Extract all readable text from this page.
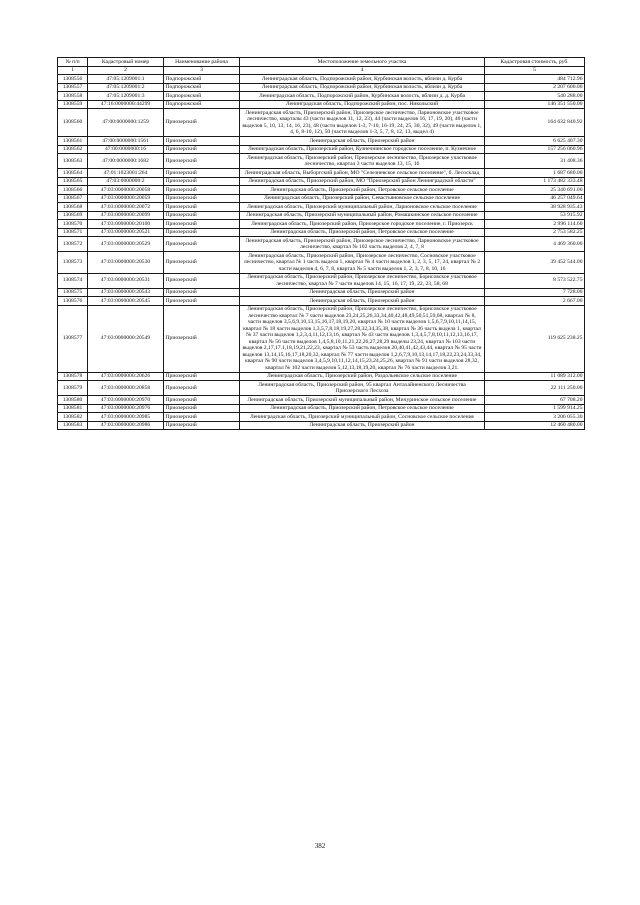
№ п/п	Кадастровый номер	Наименование района	Местоположение земельного участка	Кадастровая стоимость, руб.
1	2	3	4	5
1308556	47:05:1209001:1	Подпорожский	Ленинградская область, Подпорожский район, Курбинская волость, вблизи д. Курба	484 712.96
1308557	47:05:1209001:2	Подпорожский	Ленинградская область, Подпорожский район, Курбинская волость, вблизи д. Курба	2 207 600.00
1308558	47:05:1209001:3	Подпорожский	Ленинградская область, Подпорожский район, Курбинская волость, вблизи д. д. Курба	540 288.00
1308559	47:16:0000000:44299	Подпорожский	Ленинградская область, Подпорожский район, пос. Никольский	146 351 550.00
1308560	47:00:0000000:1259	Приозерский	Ленинградская область, Приозерский район, Приозерское лесничество, Ларионовское участковое лесничество, кварталы 43 (части выделов 11, 12, 23), 44 (части выделов 16, 17, 19, 20), 46 (части выделов 5, 10, 13, 14, 16, 23), 48 (части выделов 1-3, 7-10, 16-19, 24, 25, 30, 32), 49 (части выделов 1, 4, 6, 8-10, 12), 50 (части выделов 1-3, 5, 7, 8, 12, 13, выдел 4)	164 632 840.92
1308561	47:00:0000000:1561	Приозерский	Ленинградская область, Приозерский район	6 625 407.30
1308562	47:00:0000000:16	Приозерский	Ленинградская область, Приозерский район, Кузнечнинское городское поселение, п. Кузнечное	157 256 060.96
1308563	47:00:0000000:1682	Приозерский	Ленинградская область, Приозерский район, Приозерское лесничество, Приозерское участковое лесничество, квартал 3 части выделов 13, 15, 16	31 408.36
1308564	47:01:1023001:264	Приозерский	Ленинградская область, Выборгский район, МО "Селезневское сельское поселение", б. Лесосклад	1 687 680.00
1308565	47:03:0000000:2	Приозерский	Ленинградская область, Приозерский район, МО "Приозерский район Ленинградской области"	1 173 482 333.48
1308566	47:03:0000000:20058	Приозерский	Ленинградская область, Приозерский район, Петровское сельское поселение	25 340 691.00
1308567	47:03:0000000:20059	Приозерский	Ленинградская область, Приозерский район, Севастьяновское сельское поселение	46 257 049.64
1308568	47:03:0000000:20072	Приозерский	Ленинградская область, Приозерский муниципальный район, Ларионовское сельское поселение	38 928 935.43
1308569	47:03:0000000:20099	Приозерский	Ленинградская область, Приозерский муниципальный район, Ромашкинское сельское поселение	53 915.92
1308570	47:03:0000000:20100	Приозерский	Ленинградская область, Приозерский район, Приозерское городское поселение, г. Приозерск	2 996 114.60
1308571	47:03:0000000:20521	Приозерский	Ленинградская область, Приозерский район, Петровское сельское поселение	2 753 582.25
1308572	47:03:0000000:20529	Приозерский	Ленинградская область, Приозерский район, Приозерское лесничество, Ларионовское участковое лесничество, квартал № 102 часть выделов 2, 4, 7, 8	4 469 360.00
1308573	47:03:0000000:20530	Приозерский	Ленинградская область, Приозерский район, Приозерское лесничество, Сосновское участковое лесничество, квартал № 1 часть выдела 1, квартал № 4 части выделов 1, 2, 3, 5, 17, 24, квартал № 2 части выделов 4, 6, 7, 8, квартал № 5 части выделов 1, 2, 3, 7, 8, 10, 16	39 452 544.00
1308574	47:03:0000000:20531	Приозерский	Ленинградская область, Приозерский район, Приозерское лесничество, Борисовское участковое лесничество, квартал № 7 части выделов 14, 15, 16, 17, 19, 22, 23, 58, 68	8 573 522.75
1308575	47:03:0000000:20543	Приозерский	Ленинградская область, Приозерский район	7 728.00
1308576	47:03:0000000:20545	Приозерский	Ленинградская область, Приозерский район	2 667.00
1308577	47:03:0000000:20549	Приозерский	Ленинградская область, Приозерский район, Приозерское лесничество, Борисовское участковое лесничество квартал № 7 части выделов 23,24,25,26,33,34,40,42,48,49,50,51,59,68, квартал № 8, части выделов 3,5,6,9,10,13,15,16,17,18,19,20, квартал № 10 части выделов 1,5,6,7,9,10,11,14,15, квартал № 18 части выделов 1,3,5,7,8,18,19,27,28,32,34,35,38, квартал № 36 часть выдела 1, квартал № 37 части выделов 1,2,3,4,11,12,13,16, квартал № 43 части выделов 1,3,4,5,7,8,10,11,12,13,16,17, квартал № 56 части выделов 1,4,5,8,10,11,21,22,26,27,28,29 выделы 23,24, квартал № 103 части выделов 2,17,17.1,18,19,21,22,23, квартал № 53 часть выделов 20,40,41,42,43,44, квартал № 95 части выделов 13,14,15,16,17,18,20,32, квартал № 77 части выделов 1,2,6,7,9,10,13,14,17,18,22,23,24,33,34, квартал № 90 части выделов 3,4,5,9,10,11,12,14,15,23,24,25,26, квартал № 91 части выделов 28,32, квартал № 102 части выделов 5,12,13,18,19,20, квартал № 76 части выделов 3,21.	119 625 238.25
1308578	47:03:0000000:20626	Приозерский	Ленинградская область, Приозерский район, Раздольевское сельское поселение	11 089 312.00
1308579	47:03:0000000:20858	Приозерский	Ленинградская область, Приозерский район, 95 квартал Антахайненского Лесничества Приозерского Лесхоза	22 111 250.00
1308580	47:03:0000000:20970	Приозерский	Ленинградская область, Приозерский муниципальный район, Мичуринское сельское поселение	67 708.20
1308581	47:03:0000000:20976	Приозерский	Ленинградская область, Приозерский район, Петровское сельское поселение	1 599 914.25
1308582	47:03:0000000:20985	Приозерский	Ленинградская область, Приозерский муниципальный район, Сосновское сельское поселение	3 206 055.30
1308583	47:03:0000000:20986	Приозерский	Ленинградская область, Приозерский район	12 460 480.00
382
